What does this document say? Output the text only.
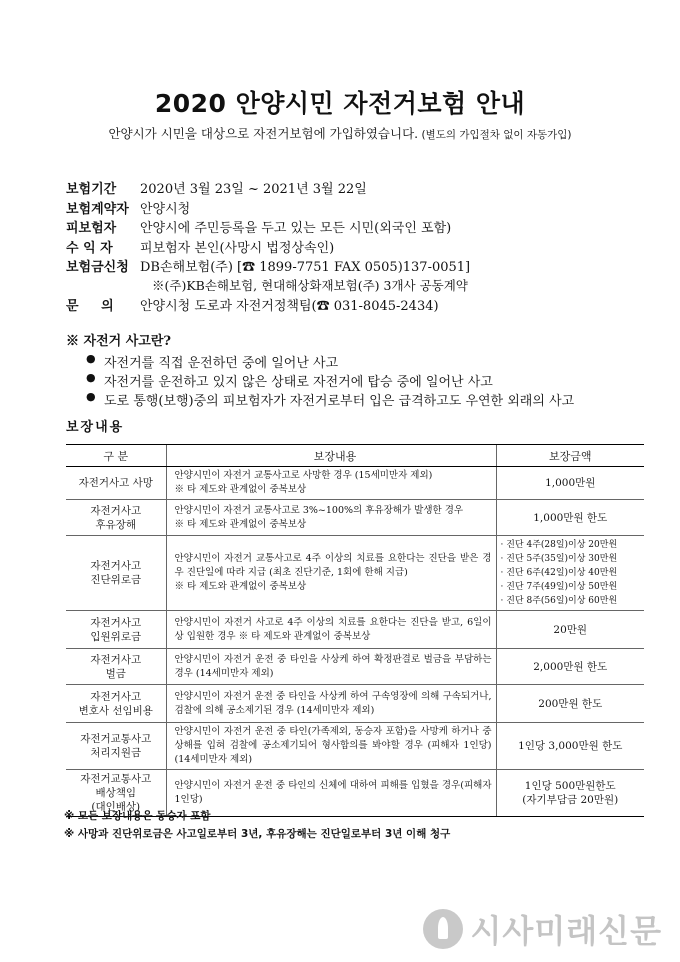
2020 안양시민 자전거보험 안내
안양시가 시민을 대상으로 자전거보험에 가입하였습니다. (별도의 가입절차 없이 자동가입)
보험기간	2020년 3월 23일 ~ 2021년 3월 22일
보험계약자 안양시청
피보험자	안양시에 주민등록을 두고 있는 모든 시민(외국인 포함)
수 익 자	피보험자 본인(사망시 법정상속인)
보험금신청 DB손해보험(주) [☎ 1899-7751 FAX 0505)137-0051]
※(주)KB손해보험, 현대해상화재보험(주) 3개사 공동계약
문     의	안양시청 도로과 자전거정책팀(☎ 031-8045-2434)
※ 자전거 사고란?
● 자전거를 직접 운전하던 중에 일어난 사고
● 자전거를 운전하고 있지 않은 상태로 자전거에 탑승 중에 일어난 사고
● 도로 통행(보행)중의 피보험자가 자전거로부터 입은 급격하고도 우연한 외래의 사고
보장내용
구 분	보장내용	보장금액

자전거사고 사망	안양시민이 자전거 교통사고로 사망한 경우 (15세미만자 제외)
※ 타 제도와 관계없이 중복보상	1,000만원

자전거사고
후유장해	안양시민이 자전거 교통사고로 3%~100%의 후유장해가 발생한 경우
※ 타 제도와 관계없이 중복보상	1,000만원 한도

자전거사고
진단위로금	안양시민이 자전거 교통사고로 4주 이상의 치료를 요한다는 진단을 받은 경우 진단일에 따라 지급 (최초 진단기준, 1회에 한해 지급)
※ 타 제도와 관계없이 중복보상	· 진단 4주(28일)이상 20만원
· 진단 5주(35일)이상 30만원
· 진단 6주(42일)이상 40만원
· 진단 7주(49일)이상 50만원
· 진단 8주(56일)이상 60만원

자전거사고
입원위로금	안양시민이 자전거 사고로 4주 이상의 치료를 요한다는 진단을 받고, 6일이상 입원한 경우 ※ 타 제도와 관계없이 중복보상	20만원

자전거사고
벌금	안양시민이 자전거 운전 중 타인을 사상케 하여 확정판결로 벌금을 부담하는 경우 (14세미만자 제외)	2,000만원 한도

자전거사고
변호사 선임비용	안양시민이 자전거 운전 중 타인을 사상케 하여 구속영장에 의해 구속되거나, 검찰에 의해 공소제기된 경우 (14세미만자 제외)	200만원 한도

자전거교통사고
처리지원금	안양시민이 자전거 운전 중 타인(가족제외, 동승자 포함)을 사망케 하거나 중상해를 입혀 검찰에 공소제기되어 형사합의를 봐야할 경우 (피해자 1인당)(14세미만자 제외)	1인당 3,000만원 한도

자전거교통사고
배상책임
(대인배상)	안양시민이 자전거 운전 중 타인의 신체에 대하여 피해를 입혔을 경우(피해자 1인당)	1인당 500만원한도
(자기부담금 20만원)
※ 모든 보장내용은 동승자 포함
※ 사망과 진단위로금은 사고일로부터 3년, 후유장해는 진단일로부터 3년 이해 청구
시사미래신문
